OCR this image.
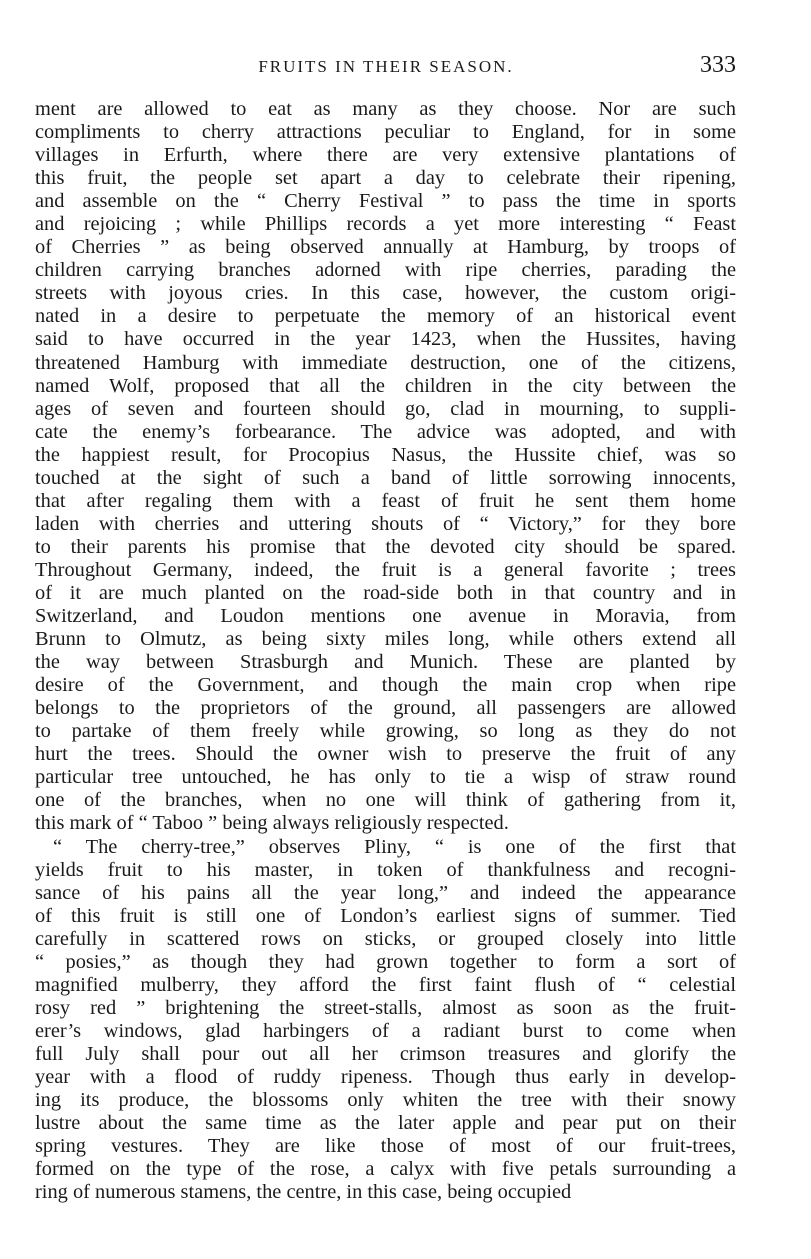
FRUITS IN THEIR SEASON.	333
ment are allowed to eat as many as they choose. Nor are such
compliments to cherry attractions peculiar to England, for in some
villages in Erfurth, where there are very extensive plantations of
this fruit, the people set apart a day to celebrate their ripening,
and assemble on the “ Cherry Festival ” to pass the time in sports
and rejoicing ; while Phillips records a yet more interesting “ Feast
of Cherries ” as being observed annually at Hamburg, by troops of
children carrying branches adorned with ripe cherries, parading the
streets with joyous cries. In this case, however, the custom origi-
nated in a desire to perpetuate the memory of an historical event
said to have occurred in the year 1423, when the Hussites, having
threatened Hamburg with immediate destruction, one of the citizens,
named Wolf, proposed that all the children in the city between the
ages of seven and fourteen should go, clad in mourning, to suppli-
cate the enemy’s forbearance. The advice was adopted, and with
the happiest result, for Procopius Nasus, the Hussite chief, was so
touched at the sight of such a band of little sorrowing innocents,
that after regaling them with a feast of fruit he sent them home
laden with cherries and uttering shouts of “ Victory,” for they bore
to their parents his promise that the devoted city should be spared.
Throughout Germany, indeed, the fruit is a general favorite ; trees
of it are much planted on the road-side both in that country and in
Switzerland, and Loudon mentions one avenue in Moravia, from
Brunn to Olmutz, as being sixty miles long, while others extend all
the way between Strasburgh and Munich. These are planted by
desire of the Government, and though the main crop when ripe
belongs to the proprietors of the ground, all passengers are allowed
to partake of them freely while growing, so long as they do not
hurt the trees. Should the owner wish to preserve the fruit of any
particular tree untouched, he has only to tie a wisp of straw round
one of the branches, when no one will think of gathering from it,
this mark of “ Taboo ” being always religiously respected.
“ The cherry-tree,” observes Pliny, “ is one of the first that
yields fruit to his master, in token of thankfulness and recogni-
sance of his pains all the year long,” and indeed the appearance
of this fruit is still one of London’s earliest signs of summer. Tied
carefully in scattered rows on sticks, or grouped closely into little
“ posies,” as though they had grown together to form a sort of
magnified mulberry, they afford the first faint flush of “ celestial
rosy red ” brightening the street-stalls, almost as soon as the fruit-
erer’s windows, glad harbingers of a radiant burst to come when
full July shall pour out all her crimson treasures and glorify the
year with a flood of ruddy ripeness. Though thus early in develop-
ing its produce, the blossoms only whiten the tree with their snowy
lustre about the same time as the later apple and pear put on their
spring vestures. They are like those of most of our fruit-trees,
formed on the type of the rose, a calyx with five petals surrounding a
ring of numerous stamens, the centre, in this case, being occupied
